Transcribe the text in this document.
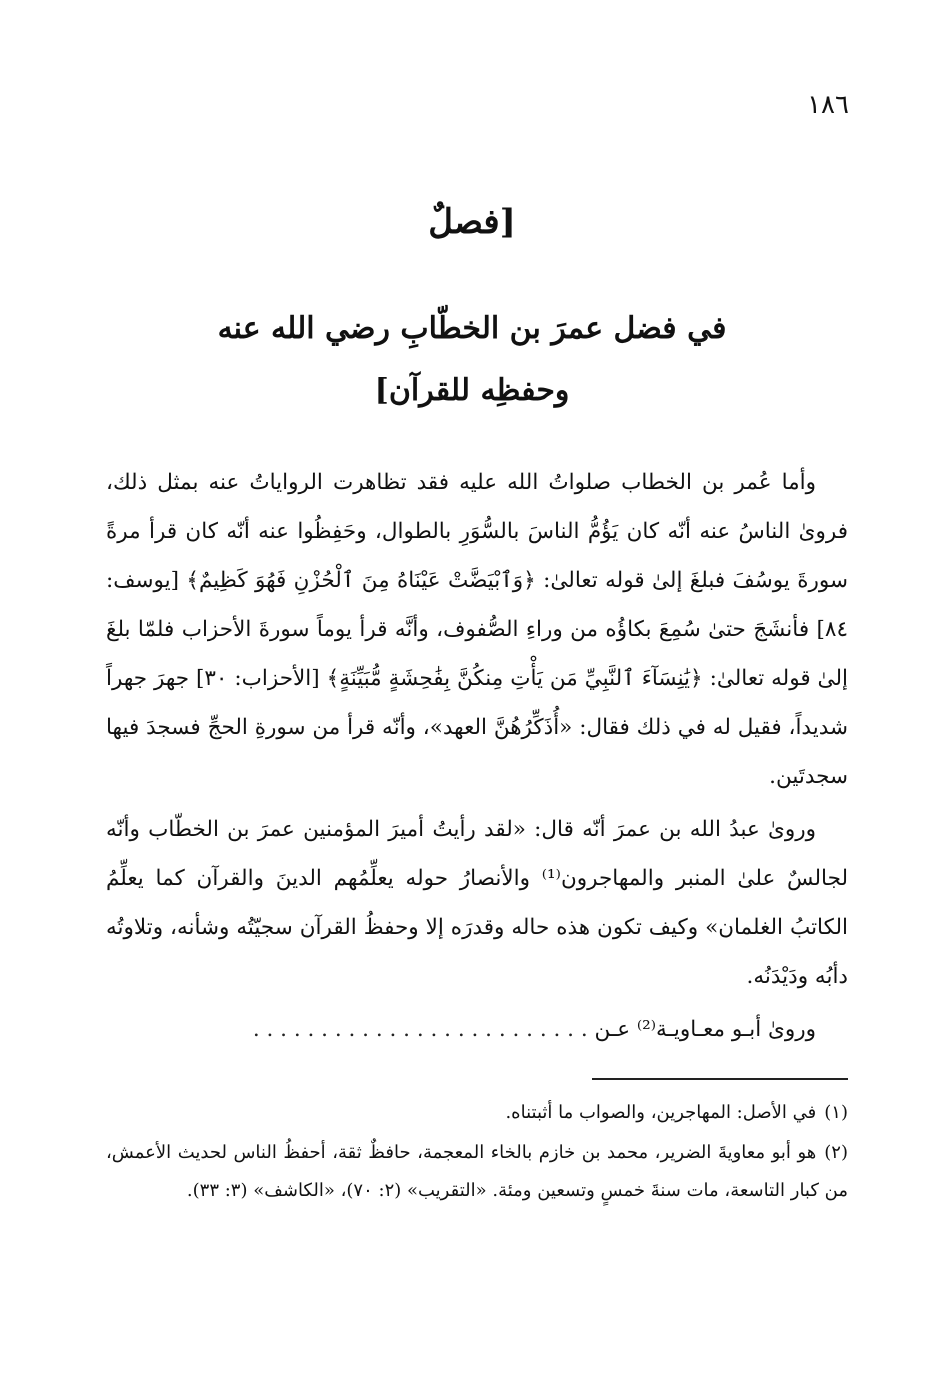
١٨٦
[فصلٌ
في فضل عمرَ بن الخطّابِ رضي الله عنه
وحفظِه للقرآن]

وأما عُمر بن الخطاب صلواتُ الله عليه فقد تظاهرت الرواياتُ عنه بمثل ذلك، فرویٰ الناسُ عنه أنّه كان يَؤُمُّ الناسَ بالسُّوَرِ بالطوال، وحَفِظُوا عنه أنّه كان قرأ مرةً سورةَ يوسُفَ فبلغَ إلىٰ قوله تعالىٰ: ﴿وَٱبْيَضَّتْ عَيْنَاهُ مِنَ ٱلْحُزْنِ فَهُوَ كَظِيمٌ﴾ [يوسف: ٨٤] فأنشَجَ حتىٰ سُمِعَ بكاؤُه من وراءِ الصُّفوف، وأنَّه قرأ يوماً سورةَ الأحزاب فلمّا بلغَ إلىٰ قوله تعالىٰ: ﴿يَٰنِسَآءَ ٱلنَّبِيِّ مَن يَأْتِ مِنكُنَّ بِفَٰحِشَةٍ مُّبَيِّنَةٍ﴾ [الأحزاب: ٣٠] جهرَ جهراً شديداً، فقيل له في ذلك فقال: «أُذَكِّرُهُنَّ العهد»، وأنّه قرأ من سورةِ الحجِّ فسجدَ فيها سجدتَين.

وروىٰ عبدُ الله بن عمرَ أنّه قال: «لقد رأيتُ أميرَ المؤمنين عمرَ بن الخطّاب وأنّه لجالسٌ علىٰ المنبر والمهاجرون⁽¹⁾ والأنصارُ حوله يعلِّمُهم الدينَ والقرآن كما يعلِّمُ الكاتبُ الغلمان» وكيف تكون هذه حاله وقدرَه إلا وحفظُ القرآن سجيّتُه وشأنه، وتلاوتُه دأبُه ودَيْدَنُه.

وروىٰ أبـو معـاويـة⁽²⁾ عـن . . . . . . . . . . . . . . . . . . . . . . . . .

(١)في الأصل: المهاجرين، والصواب ما أثبتناه.
(٢)هو أبو معاويةَ الضرير، محمد بن خازم بالخاء المعجمة، حافظٌ ثقة، أحفظُ الناس لحديث الأعمش، من كبار التاسعة، مات سنةَ خمسٍ وتسعين ومئة. «التقريب» (٢: ٧٠)، «الكاشف» (٣: ٣٣).
